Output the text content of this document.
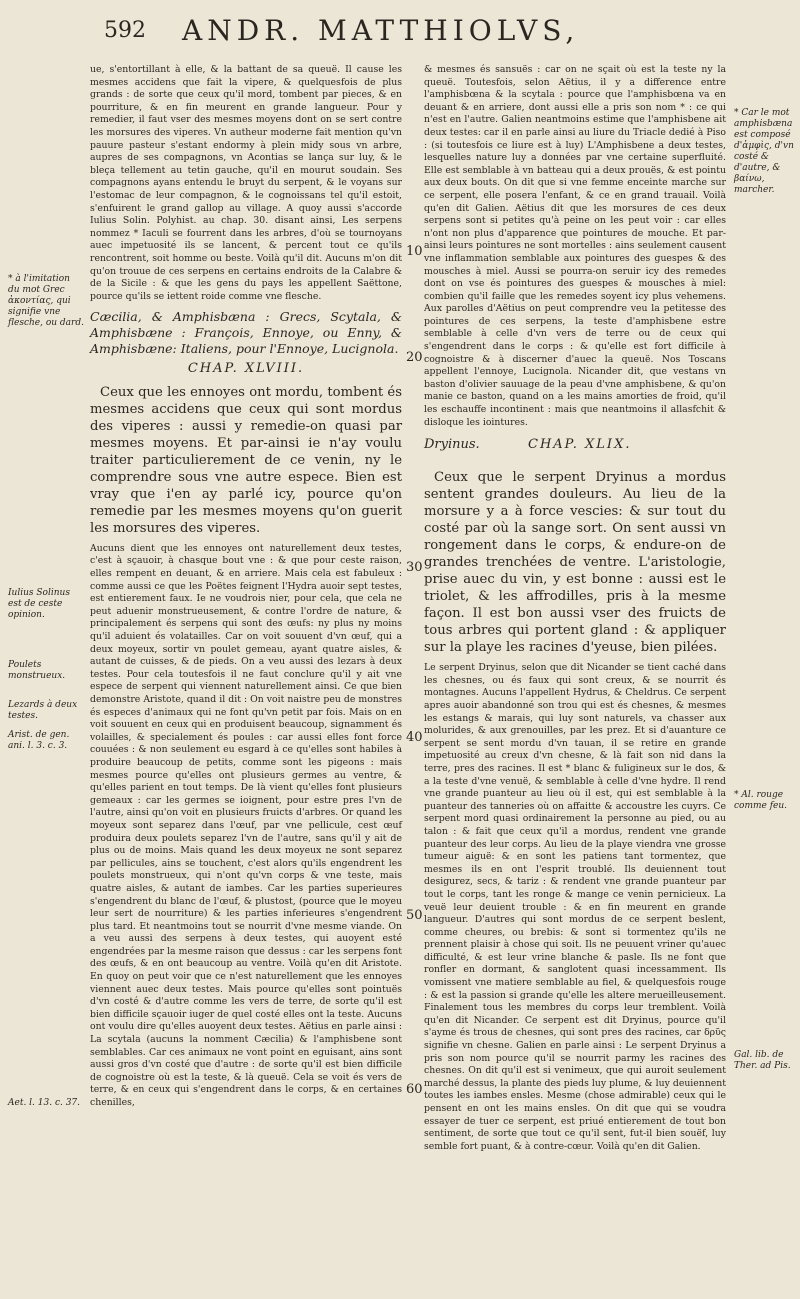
592 ANDR. MATTHIOLVS,
10
20
30
40
50
60

ue, s'entortillant à elle, & la battant de sa queuë. Il cause les mesmes accidens que fait la vipere, & quelquesfois de plus grands : de sorte que ceux qu'il mord, tombent par pieces, & en pourriture, & en fin meurent en grande langueur. Pour y remedier, il faut vser des mesmes moyens dont on se sert contre les morsures des viperes. Vn autheur moderne fait mention qu'vn pauure pasteur s'estant endormy à plein midy sous vn arbre, aupres de ses compagnons, vn Acontias se lança sur luy, & le bleça tellement au tetin gauche, qu'il en mourut soudain. Ses compagnons ayans entendu le bruyt du serpent, & le voyans sur l'estomac de leur compagnon, & le cognoissans tel qu'il estoit, s'enfuirent le grand gallop au village. A quoy aussi s'accorde Iulius Solin. Polyhist. au chap. 30. disant ainsi, Les serpens nommez * Iaculi se fourrent dans les arbres, d'où se tournoyans auec impetuosité ils se lancent, & percent tout ce qu'ils rencontrent, soit homme ou beste. Voilà qu'il dit. Aucuns m'on dit qu'on trouue de ces serpens en certains endroits de la Calabre & de la Sicile : & que les gens du pays les appellent Saëttone, pource qu'ils se iettent roide comme vne flesche.

Cæcilia, & Amphisbæna : Grecs, Scytala, & Amphisbæne : François, Ennoye, ou Enny, & Amphisbæne: Italiens, pour l'Ennoye, Lucignola.
CHAP. XLVIII.

Ceux que les ennoyes ont mordu, tombent és mesmes accidens que ceux qui sont mordus des viperes : aussi y remedie-on quasi par mesmes moyens. Et par-ainsi ie n'ay voulu traiter particulierement de ce venin, ny le comprendre sous vne autre espece. Bien est vray que i'en ay parlé icy, pource qu'on remedie par les mesmes moyens qu'on guerit les morsures des viperes.

Aucuns dient que les ennoyes ont naturellement deux testes, c'est à sçauoir, à chasque bout vne : & que pour ceste raison, elles rempent en deuant, & en arriere. Mais cela est fabuleux : comme aussi ce que les Poëtes feignent l'Hydra auoir sept testes, est entierement faux. Ie ne voudrois nier, pour cela, que cela ne peut aduenir monstrueusement, & contre l'ordre de nature, & principalement és serpens qui sont des œufs: ny plus ny moins qu'il aduient és volatailles. Car on voit souuent d'vn œuf, qui a deux moyeux, sortir vn poulet gemeau, ayant quatre aisles, & autant de cuisses, & de pieds. On a veu aussi des lezars à deux testes. Pour cela toutesfois il ne faut conclure qu'il y ait vne espece de serpent qui viennent naturellement ainsi. Ce que bien demonstre Aristote, quand il dit : On voit naistre peu de monstres és especes d'animaux qui ne font qu'vn petit par fois. Mais on en voit souuent en ceux qui en produisent beaucoup, signamment és volailles, & specialement és poules : car aussi elles font force couuées : & non seulement eu esgard à ce qu'elles sont habiles à produire beaucoup de petits, comme sont les pigeons : mais mesmes pource qu'elles ont plusieurs germes au ventre, & qu'elles parient en tout temps. De là vient qu'elles font plusieurs gemeaux : car les germes se ioignent, pour estre pres l'vn de l'autre, ainsi qu'on voit en plusieurs fruicts d'arbres. Or quand les moyeux sont separez dans l'œuf, par vne pellicule, cest œuf produira deux poulets separez l'vn de l'autre, sans qu'il y ait de plus ou de moins. Mais quand les deux moyeux ne sont separez par pellicules, ains se touchent, c'est alors qu'ils engendrent les poulets monstrueux, qui n'ont qu'vn corps & vne teste, mais quatre aisles, & autant de iambes. Car les parties superieures s'engendrent du blanc de l'œuf, & plustost, (pource que le moyeu leur sert de nourriture) & les parties inferieures s'engendrent plus tard. Et neantmoins tout se nourrit d'vne mesme viande. On a veu aussi des serpens à deux testes, qui auoyent esté engendrées par la mesme raison que dessus : car les serpens font des œufs, & en ont beaucoup au ventre. Voilà qu'en dit Aristote. En quoy on peut voir que ce n'est naturellement que les ennoyes viennent auec deux testes. Mais pource qu'elles sont pointuës d'vn costé & d'autre comme les vers de terre, de sorte qu'il est bien difficile sçauoir iuger de quel costé elles ont la teste. Aucuns ont voulu dire qu'elles auoyent deux testes. Aëtius en parle ainsi : La scytala (aucuns la nomment Cæcilia) & l'amphisbene sont semblables. Car ces animaux ne vont point en eguisant, ains sont aussi gros d'vn costé que d'autre : de sorte qu'il est bien difficile de cognoistre où est la teste, & là queuë. Cela se voit és vers de terre, & en ceux qui s'engendrent dans le corps, & en certaines chenilles,

& mesmes és sansuës : car on ne sçait où est la teste ny la queuë. Toutesfois, selon Aëtius, il y a difference entre l'amphisbœna & la scytala : pource que l'amphisbœna va en deuant & en arriere, dont aussi elle a pris son nom * : ce qui n'est en l'autre. Galien neantmoins estime que l'amphisbene ait deux testes: car il en parle ainsi au liure du Triacle dedié à Piso : (si toutesfois ce liure est à luy) L'Amphisbene a deux testes, lesquelles nature luy a données par vne certaine superfluité. Elle est semblable à vn batteau qui a deux prouës, & est pointu aux deux bouts. On dit que si vne femme enceinte marche sur ce serpent, elle posera l'enfant, & ce en grand trauail. Voilà qu'en dit Galien. Aëtius dit que les morsures de ces deux serpens sont si petites qu'à peine on les peut voir : car elles n'ont non plus d'apparence que pointures de mouche. Et par-ainsi leurs pointures ne sont mortelles : ains seulement causent vne inflammation semblable aux pointures des guespes & des mousches à miel. Aussi se pourra-on seruir icy des remedes dont on vse és pointures des guespes & mousches à miel: combien qu'il faille que les remedes soyent icy plus vehemens. Aux parolles d'Aëtius on peut comprendre veu la petitesse des pointures de ces serpens, la teste d'amphisbene estre semblable à celle d'vn vers de terre ou de ceux qui s'engendrent dans le corps : & qu'elle est fort difficile à cognoistre & à discerner d'auec la queuë. Nos Toscans appellent l'ennoye, Lucignola. Nicander dit, que vestans vn baston d'olivier sauuage de la peau d'vne amphisbene, & qu'on manie ce baston, quand on a les mains amorties de froid, qu'il les eschauffe incontinent : mais que neantmoins il allasfchit & disloque les iointures.

Dryinus.	CHAP. XLIX.

Ceux que le serpent Dryinus a mordus sentent grandes douleurs. Au lieu de la morsure y a à force vescies: & sur tout du costé par où la sange sort. On sent aussi vn rongement dans le corps, & endure-on de grandes trenchées de ventre. L'aristologie, prise auec du vin, y est bonne : aussi est le triolet, & les affrodilles, pris à la mesme façon. Il est bon aussi vser des fruicts de tous arbres qui portent gland : & appliquer sur la playe les racines d'yeuse, bien pilées.

Le serpent Dryinus, selon que dit Nicander se tient caché dans les chesnes, ou és faux qui sont creux, & se nourrit és montagnes. Aucuns l'appellent Hydrus, & Cheldrus. Ce serpent apres auoir abandonné son trou qui est és chesnes, & mesmes les estangs & marais, qui luy sont naturels, va chasser aux molurides, & aux grenouilles, par les prez. Et si d'auanture ce serpent se sent mordu d'vn tauan, il se retire en grande impetuosité au creux d'vn chesne, & là fait son nid dans la terre, pres des racines. Il est * blanc & fuligineux sur le dos, & a la teste d'vne venuë, & semblable à celle d'vne hydre. Il rend vne grande puanteur au lieu où il est, qui est semblable à la puanteur des tanneries où on affaitte & accoustre les cuyrs. Ce serpent mord quasi ordinairement la personne au pied, ou au talon : & fait que ceux qu'il a mordus, rendent vne grande puanteur des leur corps. Au lieu de la playe viendra vne grosse tumeur aiguë: & en sont les patiens tant tormentez, que mesmes ils en ont l'esprit troublé. Ils deuiennent tout desigurez, secs, & tariz : & rendent vne grande puanteur par tout le corps, tant les ronge & mange ce venin pernicieux. La veuë leur deuient trouble : & en fin meurent en grande langueur. D'autres qui sont mordus de ce serpent beslent, comme cheures, ou brebis: & sont si tormentez qu'ils ne prennent plaisir à chose qui soit. Ils ne peuuent vriner qu'auec difficulté, & est leur vrine blanche & pasle. Ils ne font que ronfler en dormant, & sanglotent quasi incessamment. Ils vomissent vne matiere semblable au fiel, & quelquesfois rouge : & est la passion si grande qu'elle les altere merueilleusement. Finalement tous les membres du corps leur tremblent. Voilà qu'en dit Nicander. Ce serpent est dit Dryinus, pource qu'il s'ayme és trous de chesnes, qui sont pres des racines, car δρῦς signifie vn chesne. Galien en parle ainsi : Le serpent Dryinus a pris son nom pource qu'il se nourrit parmy les racines des chesnes. On dit qu'il est si venimeux, que qui auroit seulement marché dessus, la plante des pieds luy plume, & luy deuiennent toutes les iambes ensles. Mesme (chose admirable) ceux qui le pensent en ont les mains ensles. On dit que qui se voudra essayer de tuer ce serpent, est priué entierement de tout bon sentiment, de sorte que tout ce qu'il sent, fut-il bien souëf, luy semble fort puant, & à contre-cœur. Voilà qu'en dit Galien.

* à l'imitation du mot Grec ἀκοντίας, qui signifie vne flesche, ou dard.
Iulius Solinus est de ceste opinion.
Poulets monstrueux.
Lezards à deux testes.
Arist. de gen. ani. l. 3. c. 3.
Aet. l. 13. c. 37.
* Car le mot amphisbæna est composé d'ἀμφὶς, d'vn costé & d'autre, & βαίνω, marcher.
* Al. rouge comme feu.
Gal. lib. de Ther. ad Pis.
